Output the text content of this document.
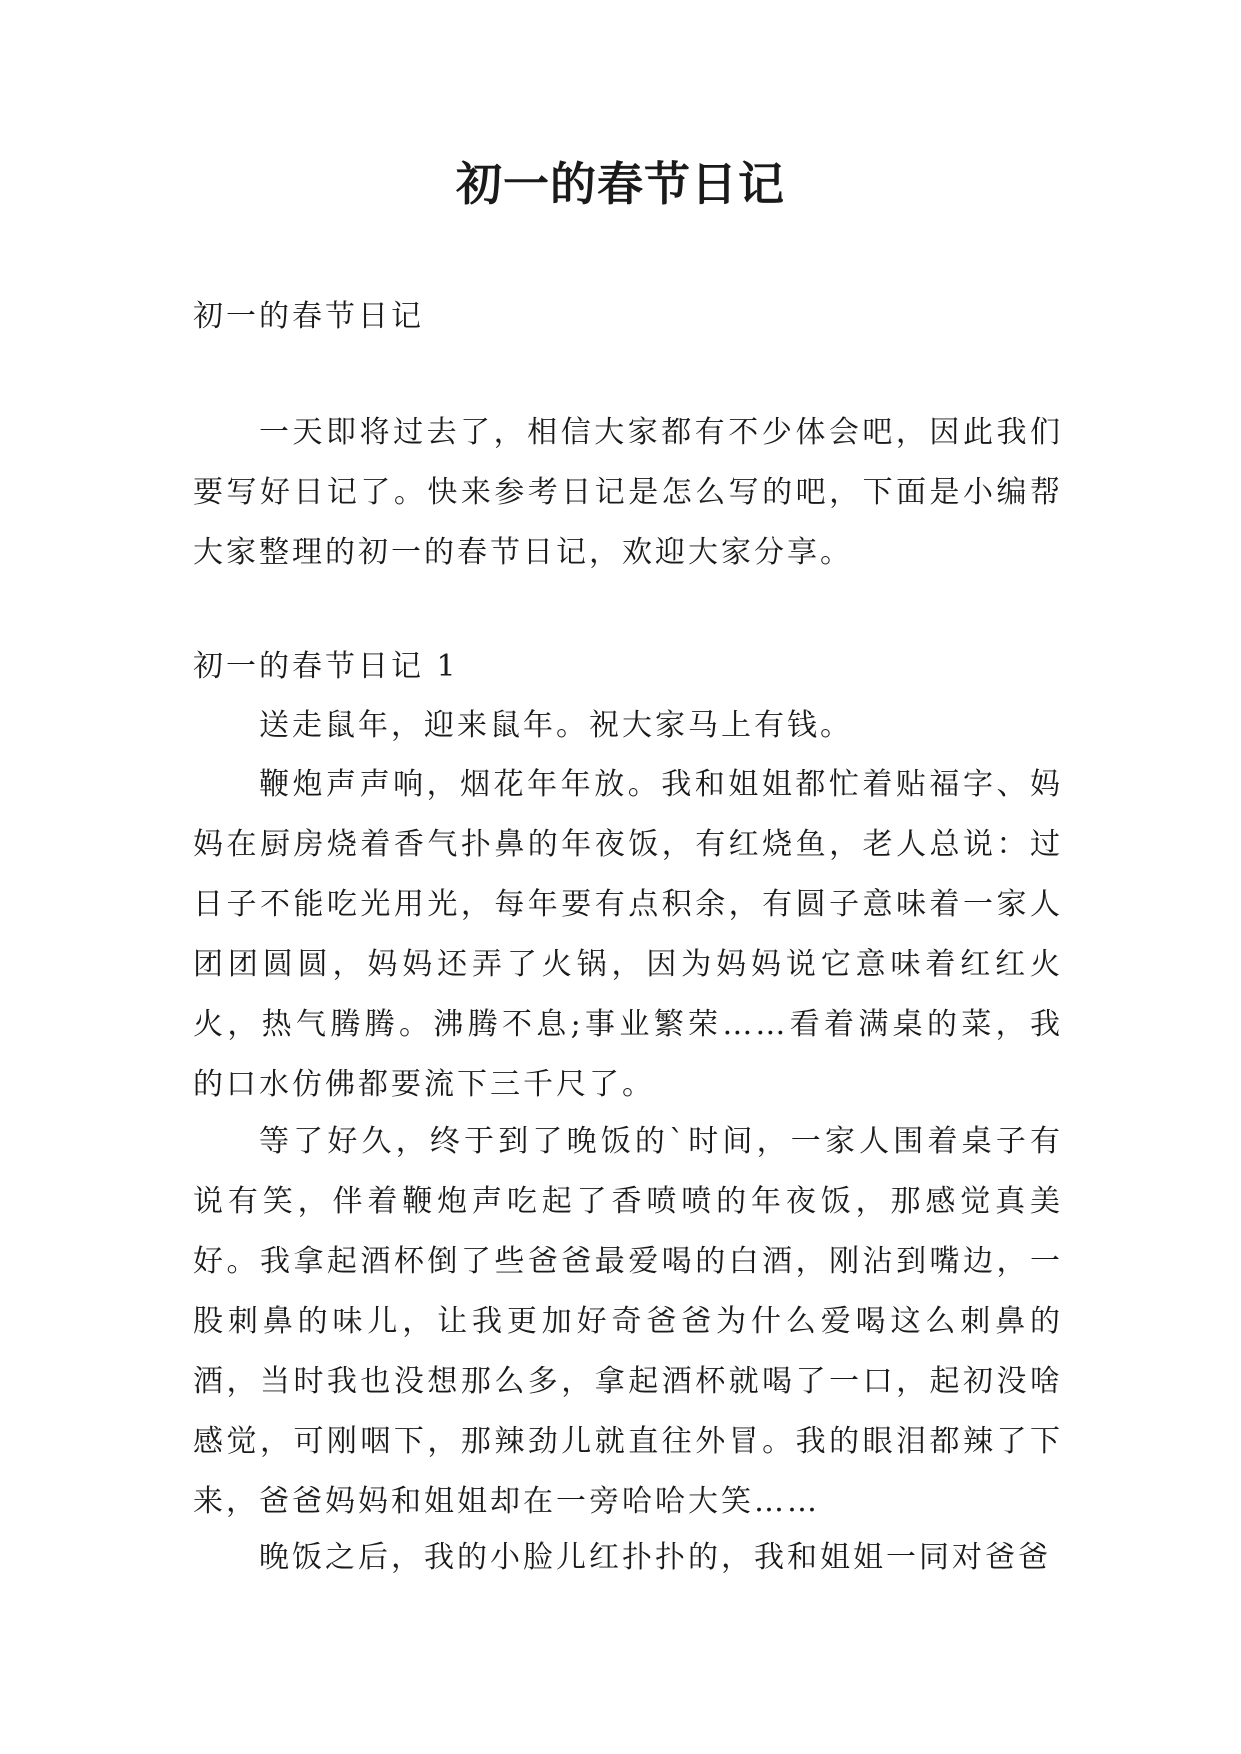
初一的春节日记

初一的春节日记

一天即将过去了，相信大家都有不少体会吧，因此我们要写好日记了。快来参考日记是怎么写的吧，下面是小编帮大家整理的初一的春节日记，欢迎大家分享。

初一的春节日记 1

送走鼠年，迎来鼠年。祝大家马上有钱。

鞭炮声声响，烟花年年放。我和姐姐都忙着贴福字、妈妈在厨房烧着香气扑鼻的年夜饭，有红烧鱼，老人总说：过日子不能吃光用光，每年要有点积余，有圆子意味着一家人团团圆圆，妈妈还弄了火锅，因为妈妈说它意味着红红火火，热气腾腾。沸腾不息;事业繁荣……看着满桌的菜，我的口水仿佛都要流下三千尺了。

等了好久，终于到了晚饭的`时间，一家人围着桌子有说有笑，伴着鞭炮声吃起了香喷喷的年夜饭，那感觉真美好。我拿起酒杯倒了些爸爸最爱喝的白酒，刚沾到嘴边，一股刺鼻的味儿，让我更加好奇爸爸为什么爱喝这么刺鼻的酒，当时我也没想那么多，拿起酒杯就喝了一口，起初没啥感觉，可刚咽下，那辣劲儿就直往外冒。我的眼泪都辣了下来，爸爸妈妈和姐姐却在一旁哈哈大笑……

晚饭之后，我的小脸儿红扑扑的，我和姐姐一同对爸爸
